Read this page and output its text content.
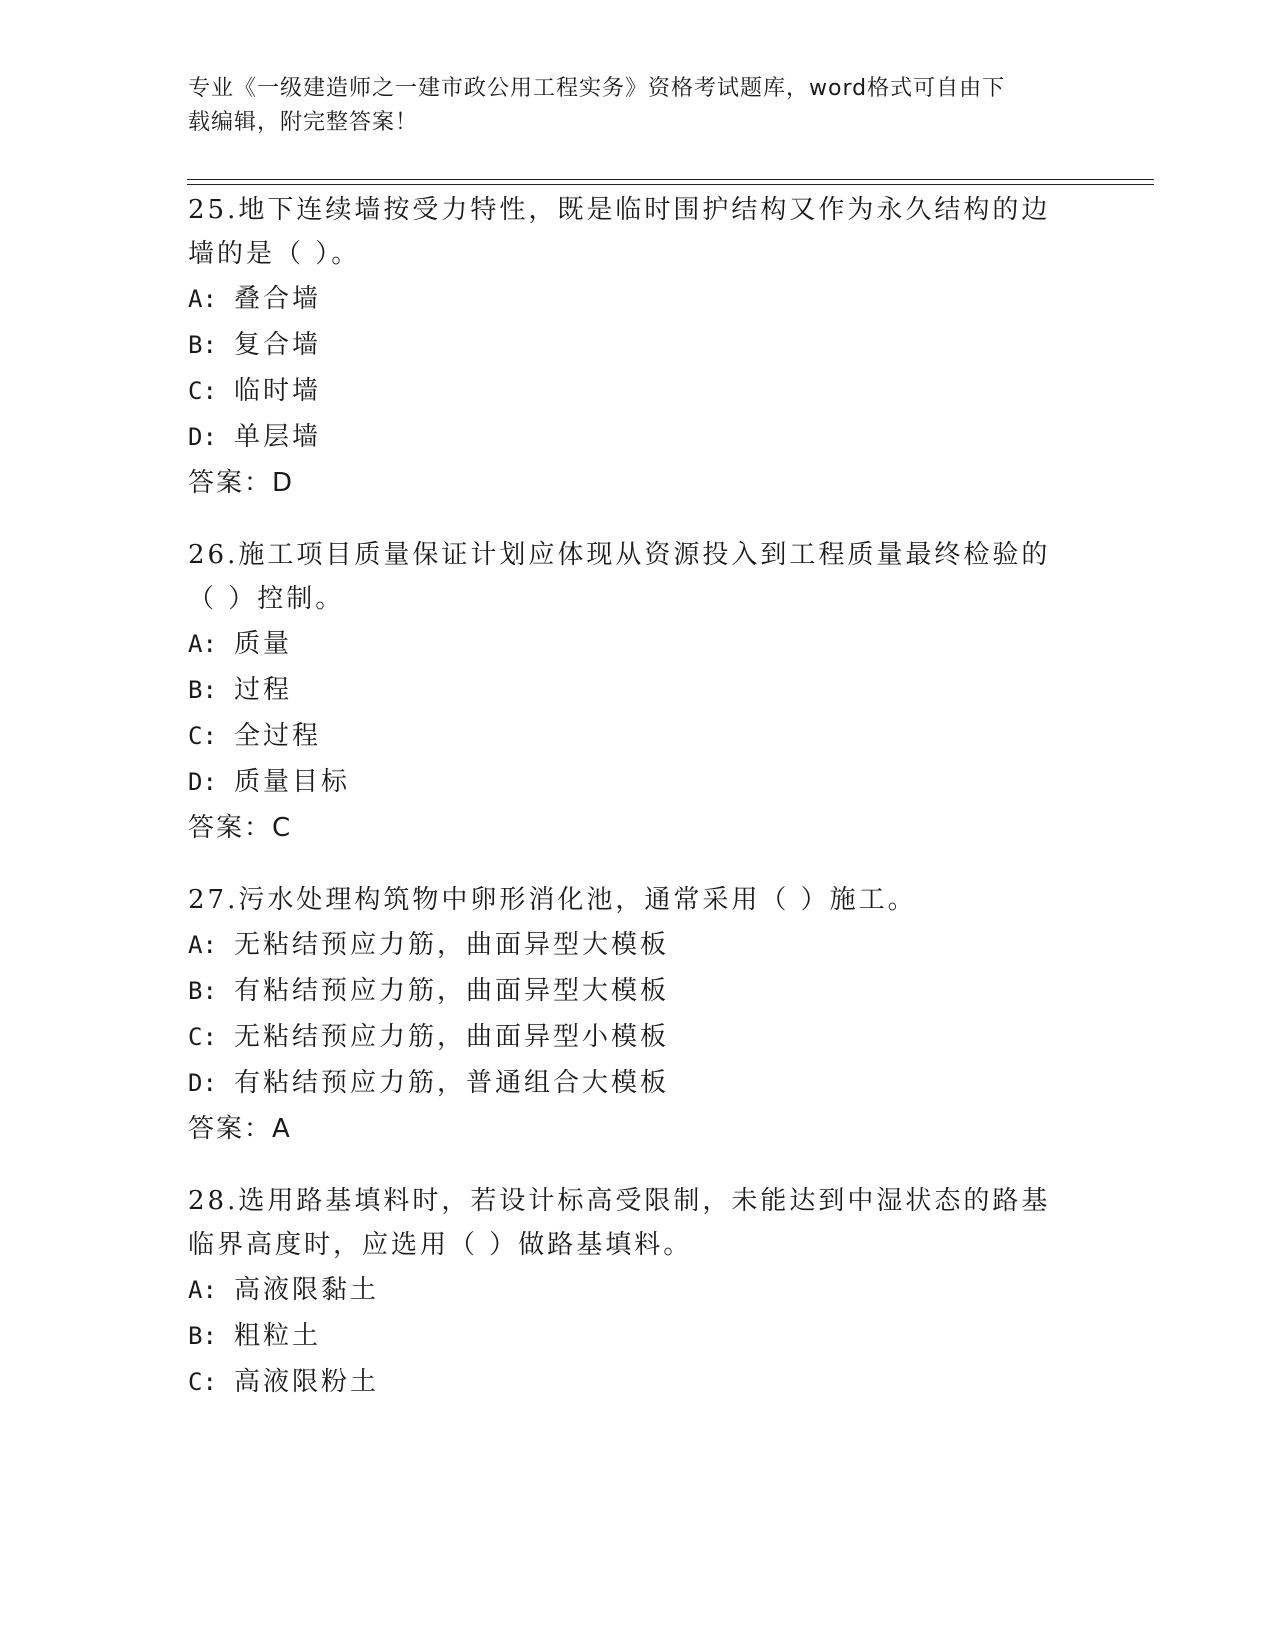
专业《一级建造师之一建市政公用工程实务》资格考试题库，word格式可自由下
载编辑，附完整答案！
25.地下连续墙按受力特性，既是临时围护结构又作为永久结构的边墙的是（ ）。
A: 叠合墙
B: 复合墙
C: 临时墙
D: 单层墙
答案：D
26.施工项目质量保证计划应体现从资源投入到工程质量最终检验的（ ）控制。
A: 质量
B: 过程
C: 全过程
D: 质量目标
答案：C
27.污水处理构筑物中卵形消化池，通常采用（ ）施工。
A: 无粘结预应力筋，曲面异型大模板
B: 有粘结预应力筋，曲面异型大模板
C: 无粘结预应力筋，曲面异型小模板
D: 有粘结预应力筋，普通组合大模板
答案：A
28.选用路基填料时，若设计标高受限制，未能达到中湿状态的路基临界高度时，应选用（ ）做路基填料。
A: 高液限黏土
B: 粗粒土
C: 高液限粉土
